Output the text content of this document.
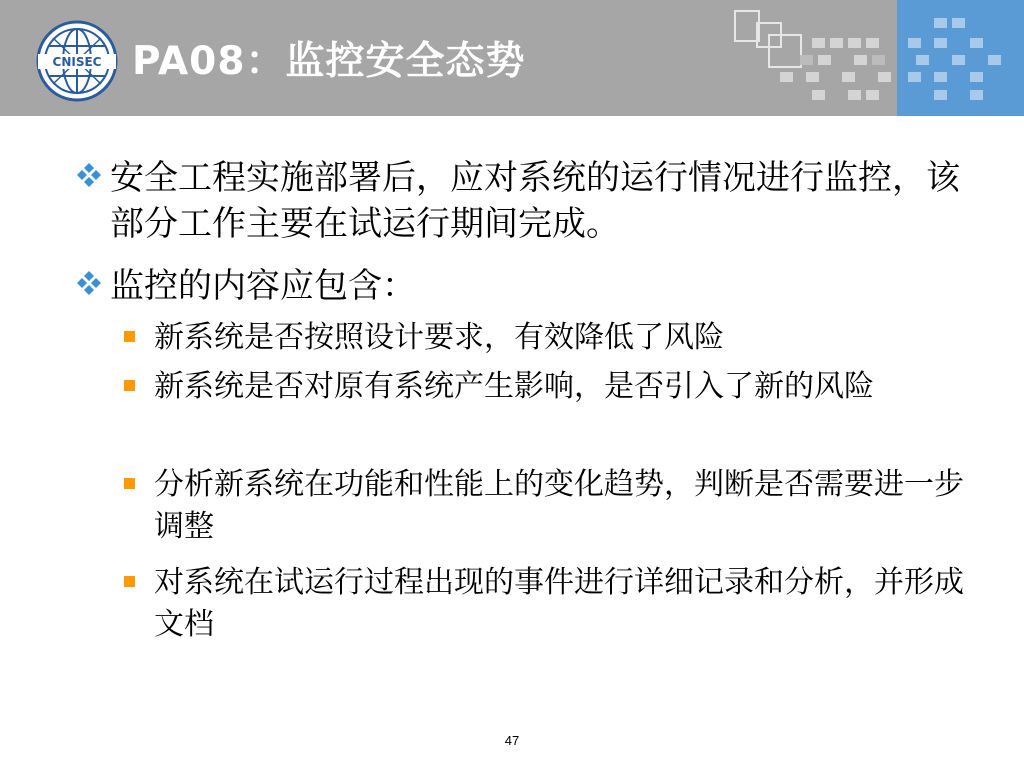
CNISEC PA08：监控安全态势
安全工程实施部署后，应对系统的运行情况进行监控，该部分工作主要在试运行期间完成。
监控的内容应包含：
新系统是否按照设计要求，有效降低了风险
新系统是否对原有系统产生影响，是否引入了新的风险
分析新系统在功能和性能上的变化趋势，判断是否需要进一步调整
对系统在试运行过程出现的事件进行详细记录和分析，并形成文档
47
